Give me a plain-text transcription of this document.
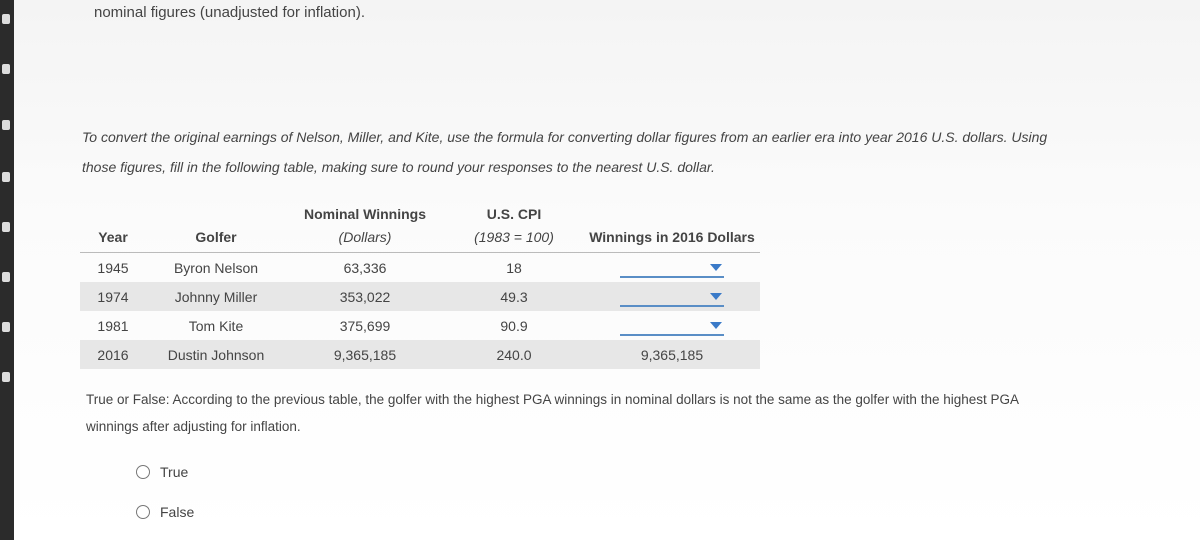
nominal figures (unadjusted for inflation).

To convert the original earnings of Nelson, Miller, and Kite, use the formula for converting dollar figures from an earlier era into year 2016 U.S. dollars. Using those figures, fill in the following table, making sure to round your responses to the nearest U.S. dollar.

		Nominal Winnings	U.S. CPI	
Year	Golfer	(Dollars)	(1983 = 100)	Winnings in 2016 Dollars
1945	Byron Nelson	63,336	18	

1974	Johnny Miller	353,022	49.3	

1981	Tom Kite	375,699	90.9	

2016	Dustin Johnson	9,365,185	240.0	9,365,185

True or False: According to the previous table, the golfer with the highest PGA winnings in nominal dollars is not the same as the golfer with the highest PGA winnings after adjusting for inflation.

True
False
